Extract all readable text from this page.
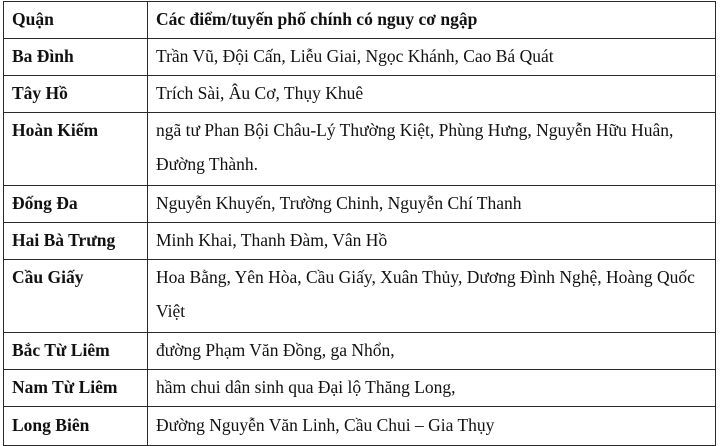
Quận	Các điểm/tuyến phố chính có nguy cơ ngập
Ba Đình	Trần Vũ, Đội Cấn, Liễu Giai, Ngọc Khánh, Cao Bá Quát
Tây Hồ	Trích Sài, Âu Cơ, Thụy Khuê
Hoàn Kiếm	ngã tư Phan Bội Châu-Lý Thường Kiệt, Phùng Hưng, Nguyễn Hữu Huân, Đường Thành.
Đống Đa	Nguyễn Khuyến, Trường Chinh, Nguyễn Chí Thanh
Hai Bà Trưng	Minh Khai, Thanh Đàm, Vân Hồ
Cầu Giấy	Hoa Bằng, Yên Hòa, Cầu Giấy, Xuân Thủy, Dương Đình Nghệ, Hoàng Quốc Việt
Bắc Từ Liêm	đường Phạm Văn Đồng, ga Nhổn,
Nam Từ Liêm	hầm chui dân sinh qua Đại lộ Thăng Long,
Long Biên	Đường Nguyễn Văn Linh, Cầu Chui – Gia Thụy
